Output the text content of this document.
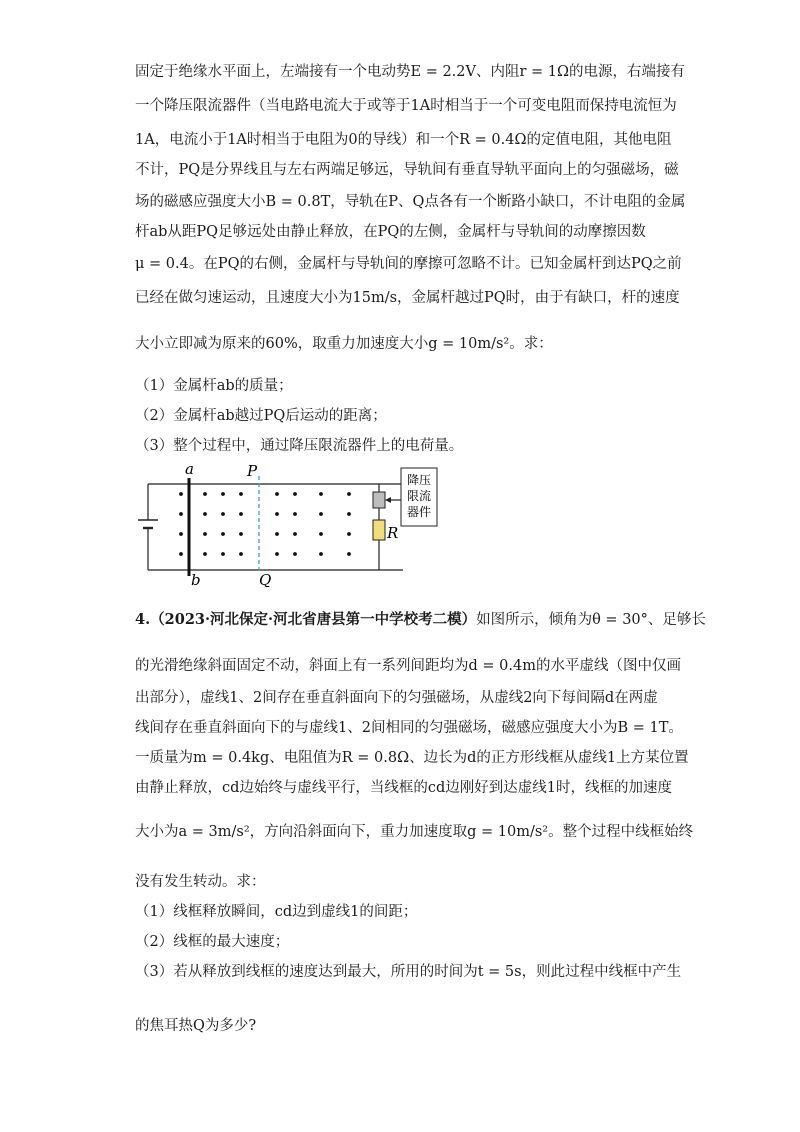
固定于绝缘水平面上，左端接有一个电动势E = 2.2V、内阻r = 1Ω的电源，右端接有
一个降压限流器件（当电路电流大于或等于1A时相当于一个可变电阻而保持电流恒为
1A，电流小于1A时相当于电阻为0的导线）和一个R = 0.4Ω的定值电阻，其他电阻
不计，PQ是分界线且与左右两端足够远，导轨间有垂直导轨平面向上的匀强磁场，磁
场的磁感应强度大小B = 0.8T，导轨在P、Q点各有一个断路小缺口，不计电阻的金属
杆ab从距PQ足够远处由静止释放，在PQ的左侧，金属杆与导轨间的动摩擦因数
μ = 0.4。在PQ的右侧，金属杆与导轨间的摩擦可忽略不计。已知金属杆到达PQ之前
已经在做匀速运动，且速度大小为15m/s，金属杆越过PQ时，由于有缺口，杆的速度
大小立即减为原来的60%，取重力加速度大小g = 10m/s²。求：
（1）金属杆ab的质量；
（2）金属杆ab越过PQ后运动的距离；
（3）整个过程中，通过降压限流器件上的电荷量。
降压
限流
器件
a	P
b	Q
R
4.（2023·河北保定·河北省唐县第一中学校考二模）如图所示，倾角为θ = 30°、足够长
的光滑绝缘斜面固定不动，斜面上有一系列间距均为d = 0.4m的水平虚线（图中仅画
出部分），虚线1、2间存在垂直斜面向下的匀强磁场，从虚线2向下每间隔d在两虚
线间存在垂直斜面向下的与虚线1、2间相同的匀强磁场，磁感应强度大小为B = 1T。
一质量为m = 0.4kg、电阻值为R = 0.8Ω、边长为d的正方形线框从虚线1上方某位置
由静止释放，cd边始终与虚线平行，当线框的cd边刚好到达虚线1时，线框的加速度
大小为a = 3m/s²，方向沿斜面向下，重力加速度取g = 10m/s²。整个过程中线框始终
没有发生转动。求：
（1）线框释放瞬间，cd边到虚线1的间距；
（2）线框的最大速度；
（3）若从释放到线框的速度达到最大，所用的时间为t = 5s，则此过程中线框中产生
的焦耳热Q为多少?
